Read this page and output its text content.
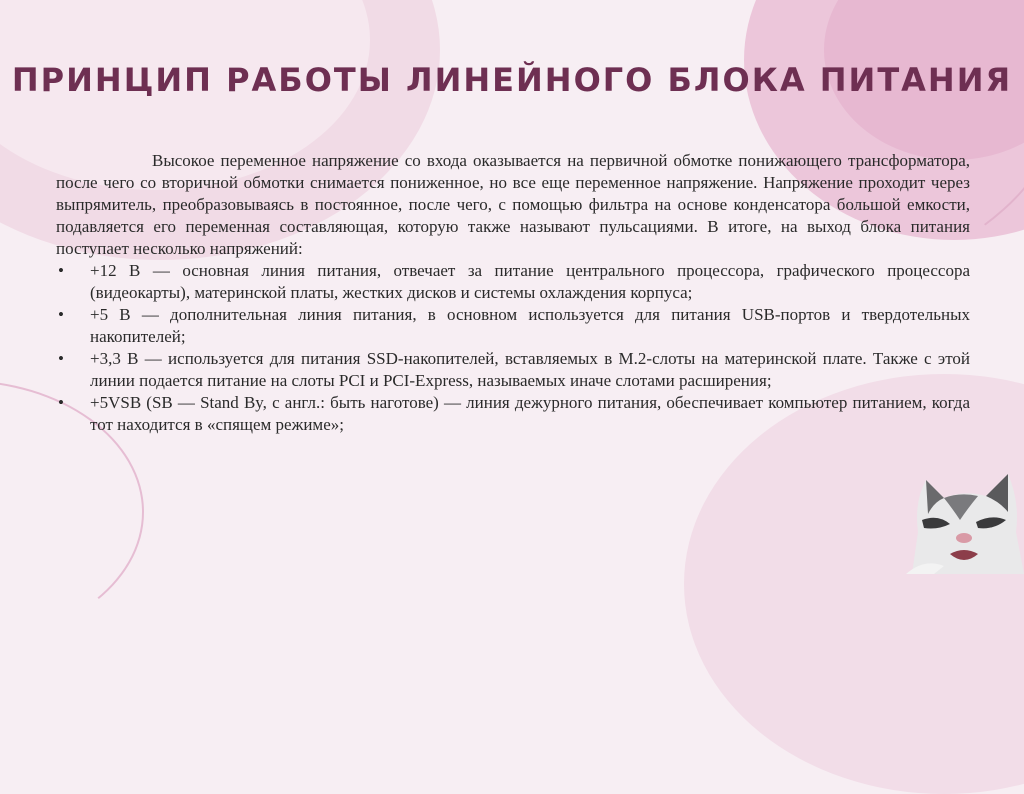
ПРИНЦИП РАБОТЫ ЛИНЕЙНОГО БЛОКА ПИТАНИЯ

Высокое переменное напряжение со входа оказывается на первичной обмотке понижающего трансформатора, после чего со вторичной обмотки снимается пониженное, но все еще переменное напряжение. Напряжение проходит через выпрямитель, преобразовываясь в постоянное, после чего, с помощью фильтра на основе конденсатора большой емкости, подавляется его переменная составляющая, которую также называют пульсациями. В итоге, на выход блока питания поступает несколько напряжений:

• +12 В — основная линия питания, отвечает за питание центрального процессора, графического процессора (видеокарты), материнской платы, жестких дисков и системы охлаждения корпуса;
• +5 В — дополнительная линия питания, в основном используется для питания USB-портов и твердотельных накопителей;
• +3,3 В — используется для питания SSD-накопителей, вставляемых в M.2-слоты на материнской плате. Также с этой линии подается питание на слоты PCI и PCI-Express, называемых иначе слотами расширения;
• +5VSB (SB — Stand By, с англ.: быть наготове) — линия дежурного питания, обеспечивает компьютер питанием, когда тот находится в «спящем режиме»;
